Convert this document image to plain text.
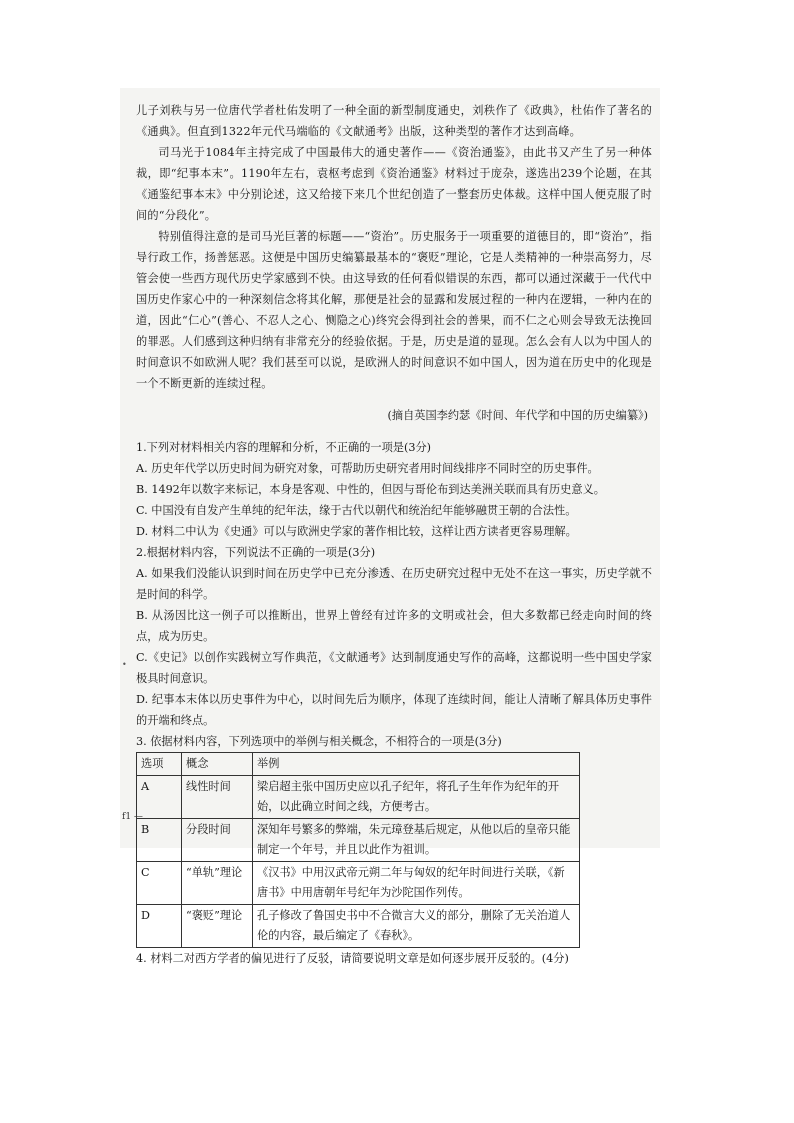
儿子刘秩与另一位唐代学者杜佑发明了一种全面的新型制度通史，刘秩作了《政典》，杜佑作了著名的《通典》。但直到1322年元代马端临的《文献通考》出版，这种类型的著作才达到高峰。

司马光于1084年主持完成了中国最伟大的通史著作——《资治通鉴》，由此书又产生了另一种体裁，即“纪事本末”。1190年左右，袁枢考虑到《资治通鉴》材料过于庞杂，遂选出239个论题，在其《通鉴纪事本末》中分别论述，这又给接下来几个世纪创造了一整套历史体裁。这样中国人便克服了时间的“分段化”。

特别值得注意的是司马光巨著的标题——“资治”。历史服务于一项重要的道德目的，即“资治”，指导行政工作，扬善惩恶。这便是中国历史编纂最基本的“褒贬”理论，它是人类精神的一种崇高努力，尽管会使一些西方现代历史学家感到不快。由这导致的任何看似错误的东西，都可以通过深藏于一代代中国历史作家心中的一种深刻信念将其化解，那便是社会的显露和发展过程的一种内在逻辑，一种内在的道，因此“仁心”(善心、不忍人之心、恻隐之心)终究会得到社会的善果，而不仁之心则会导致无法挽回的罪恶。人们感到这种归纳有非常充分的经验依据。于是，历史是道的显现。怎么会有人以为中国人的时间意识不如欧洲人呢？我们甚至可以说，是欧洲人的时间意识不如中国人，因为道在历史中的化现是一个不断更新的连续过程。

(摘自英国李约瑟《时间、年代学和中国的历史编纂》)

1.下列对材料相关内容的理解和分析，不正确的一项是(3分)

A. 历史年代学以历史时间为研究对象，可帮助历史研究者用时间线排序不同时空的历史事件。

B. 1492年以数字来标记，本身是客观、中性的，但因与哥伦布到达美洲关联而具有历史意义。

C. 中国没有自发产生单纯的纪年法，缘于古代以朝代和统治纪年能够融贯王朝的合法性。

D. 材料二中认为《史通》可以与欧洲史学家的著作相比较，这样让西方读者更容易理解。

2.根据材料内容，下列说法不正确的一项是(3分)

A. 如果我们没能认识到时间在历史学中已充分渗透、在历史研究过程中无处不在这一事实，历史学就不是时间的科学。

B. 从汤因比这一例子可以推断出，世界上曾经有过许多的文明或社会，但大多数都已经走向时间的终点，成为历史。

C.《史记》以创作实践树立写作典范，《文献通考》达到制度通史写作的高峰，这都说明一些中国史学家极具时间意识。

D. 纪事本末体以历史事件为中心，以时间先后为顺序，体现了连续时间，能让人清晰了解具体历史事件的开端和终点。

3. 依据材料内容，下列选项中的举例与相关概念，不相符合的一项是(3分)

选项	概念	举例
A	线性时间	梁启超主张中国历史应以孔子纪年，将孔子生年作为纪年的开始，以此确立时间之线，方便考古。
B	分段时间	深知年号繁多的弊端，朱元璋登基后规定，从他以后的皇帝只能制定一个年号，并且以此作为祖训。
C	“单轨”理论	《汉书》中用汉武帝元朔二年与匈奴的纪年时间进行关联，《新唐书》中用唐朝年号纪年为沙陀国作列传。
D	“褒贬”理论	孔子修改了鲁国史书中不合微言大义的部分，删除了无关治道人伦的内容，最后编定了《春秋》。

4. 材料二对西方学者的偏见进行了反驳，请简要说明文章是如何逐步展开反驳的。(4分)

•
f1 —
